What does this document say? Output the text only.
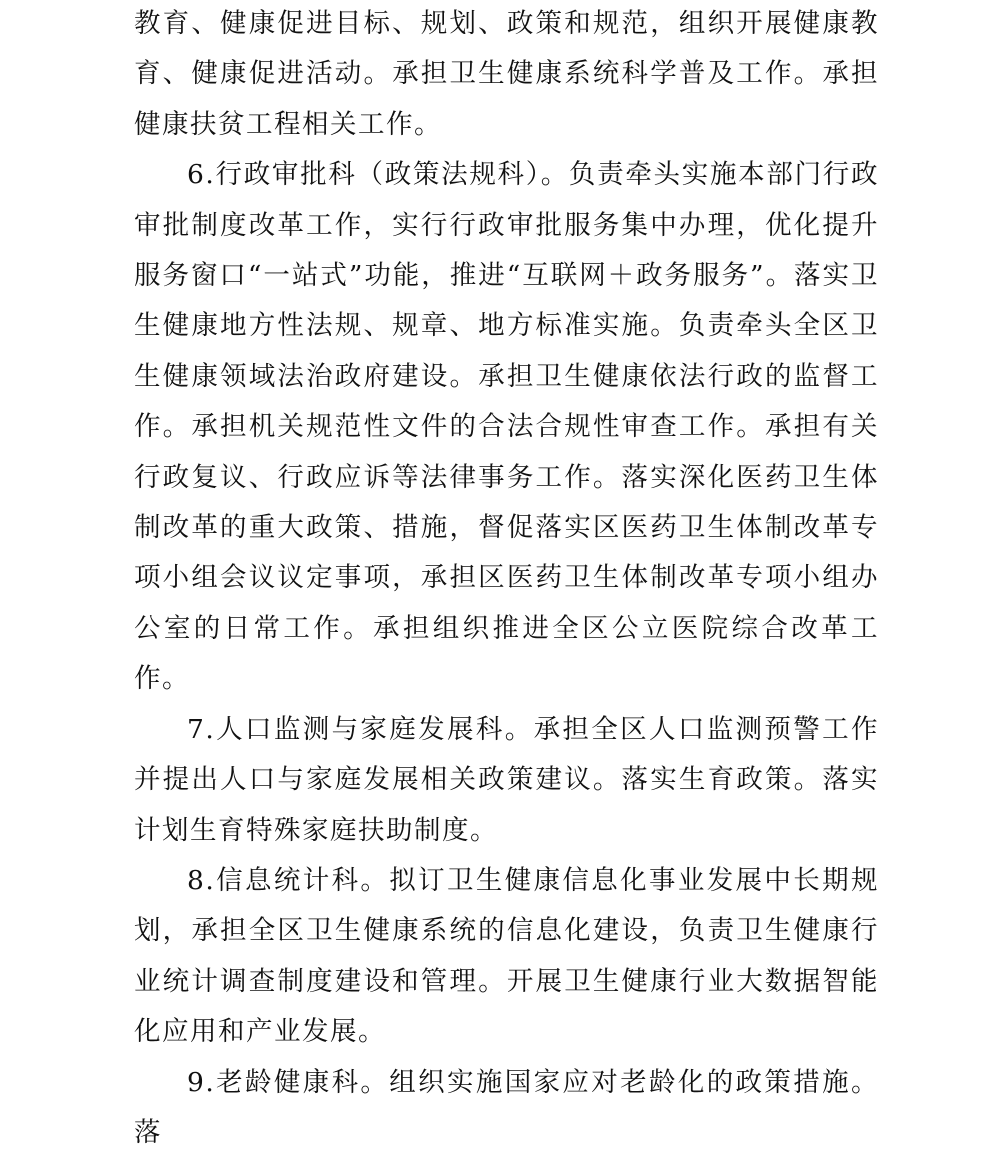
教育、健康促进目标、规划、政策和规范，组织开展健康教育、健康促进活动。承担卫生健康系统科学普及工作。承担健康扶贫工程相关工作。

6.行政审批科（政策法规科）。负责牵头实施本部门行政审批制度改革工作，实行行政审批服务集中办理，优化提升服务窗口“一站式”功能，推进“互联网＋政务服务”。落实卫生健康地方性法规、规章、地方标准实施。负责牵头全区卫生健康领域法治政府建设。承担卫生健康依法行政的监督工作。承担机关规范性文件的合法合规性审查工作。承担有关行政复议、行政应诉等法律事务工作。落实深化医药卫生体制改革的重大政策、措施，督促落实区医药卫生体制改革专项小组会议议定事项，承担区医药卫生体制改革专项小组办公室的日常工作。承担组织推进全区公立医院综合改革工作。

7.人口监测与家庭发展科。承担全区人口监测预警工作并提出人口与家庭发展相关政策建议。落实生育政策。落实计划生育特殊家庭扶助制度。

8.信息统计科。拟订卫生健康信息化事业发展中长期规划，承担全区卫生健康系统的信息化建设，负责卫生健康行业统计调查制度建设和管理。开展卫生健康行业大数据智能化应用和产业发展。

9.老龄健康科。组织实施国家应对老龄化的政策措施。落
